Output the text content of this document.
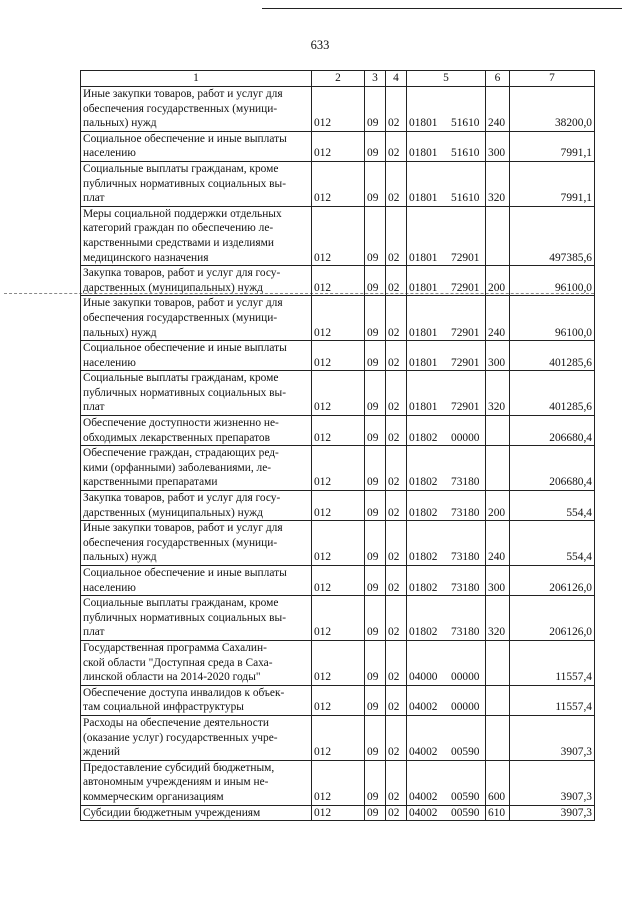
633
1	2	3	4	5	6	7

Иные закупки товаров, работ и услуг для
обеспечения государственных (муници-
пальных) нужд	012	09	02	01801 51610	240	38200,0

Социальное обеспечение и иные выплаты
населению	012	09	02	01801 51610	300	7991,1

Социальные выплаты гражданам, кроме
публичных нормативных социальных вы-
плат	012	09	02	01801 51610	320	7991,1

Меры социальной поддержки отдельных
категорий граждан по обеспечению ле-
карственными средствами и изделиями
медицинского назначения	012	09	02	01801 72901		497385,6

Закупка товаров, работ и услуг для госу-
дарственных (муниципальных) нужд	012	09	02	01801 72901	200	96100,0

Иные закупки товаров, работ и услуг для
обеспечения государственных (муници-
пальных) нужд	012	09	02	01801 72901	240	96100,0

Социальное обеспечение и иные выплаты
населению	012	09	02	01801 72901	300	401285,6

Социальные выплаты гражданам, кроме
публичных нормативных социальных вы-
плат	012	09	02	01801 72901	320	401285,6

Обеспечение доступности жизненно не-
обходимых лекарственных препаратов	012	09	02	01802 00000		206680,4

Обеспечение граждан, страдающих ред-
кими (орфанными) заболеваниями, ле-
карственными препаратами	012	09	02	01802 73180		206680,4

Закупка товаров, работ и услуг для госу-
дарственных (муниципальных) нужд	012	09	02	01802 73180	200	554,4

Иные закупки товаров, работ и услуг для
обеспечения государственных (муници-
пальных) нужд	012	09	02	01802 73180	240	554,4

Социальное обеспечение и иные выплаты
населению	012	09	02	01802 73180	300	206126,0

Социальные выплаты гражданам, кроме
публичных нормативных социальных вы-
плат	012	09	02	01802 73180	320	206126,0

Государственная программа Сахалин-
ской области "Доступная среда в Саха-
линской области на 2014-2020 годы"	012	09	02	04000 00000		11557,4

Обеспечение доступа инвалидов к объек-
там социальной инфраструктуры	012	09	02	04002 00000		11557,4

Расходы на обеспечение деятельности
(оказание услуг) государственных учре-
ждений	012	09	02	04002 00590		3907,3

Предоставление субсидий бюджетным,
автономным учреждениям и иным не-
коммерческим организациям	012	09	02	04002 00590	600	3907,3

Субсидии бюджетным учреждениям	012	09	02	04002 00590	610	3907,3
